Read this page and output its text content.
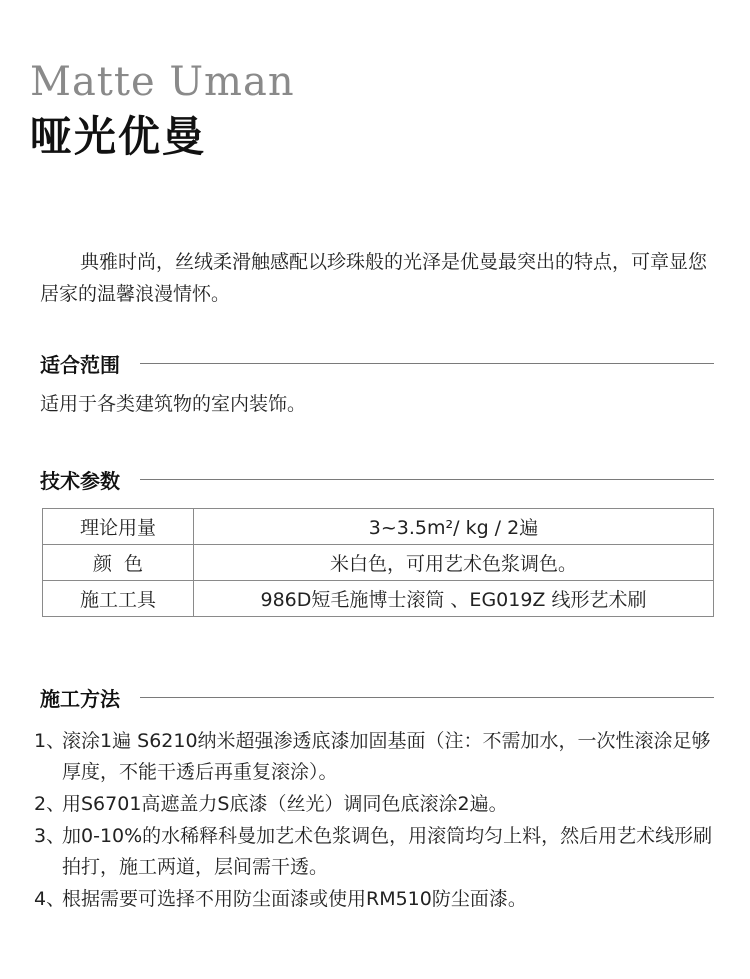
Matte Uman
哑光优曼
典雅时尚，丝绒柔滑触感配以珍珠般的光泽是优曼最突出的特点，可章显您居家的温馨浪漫情怀。
适合范围
适用于各类建筑物的室内装饰。
技术参数
理论用量	3~3.5m²/ kg / 2遍
颜  色	米白色，可用艺术色浆调色。
施工工具	986D短毛施博士滚筒 、EG019Z 线形艺术刷
施工方法
1、
滚涂1遍 S6210纳米超强渗透底漆加固基面（注：不需加水，一次性滚涂足够厚度，不能干透后再重复滚涂）。
2、
用S6701高遮盖力S底漆（丝光）调同色底滚涂2遍。
3、
加0-10%的水稀释科曼加艺术色浆调色，用滚筒均匀上料，然后用艺术线形刷拍打，施工两道，层间需干透。
4、
根据需要可选择不用防尘面漆或使用RM510防尘面漆。
